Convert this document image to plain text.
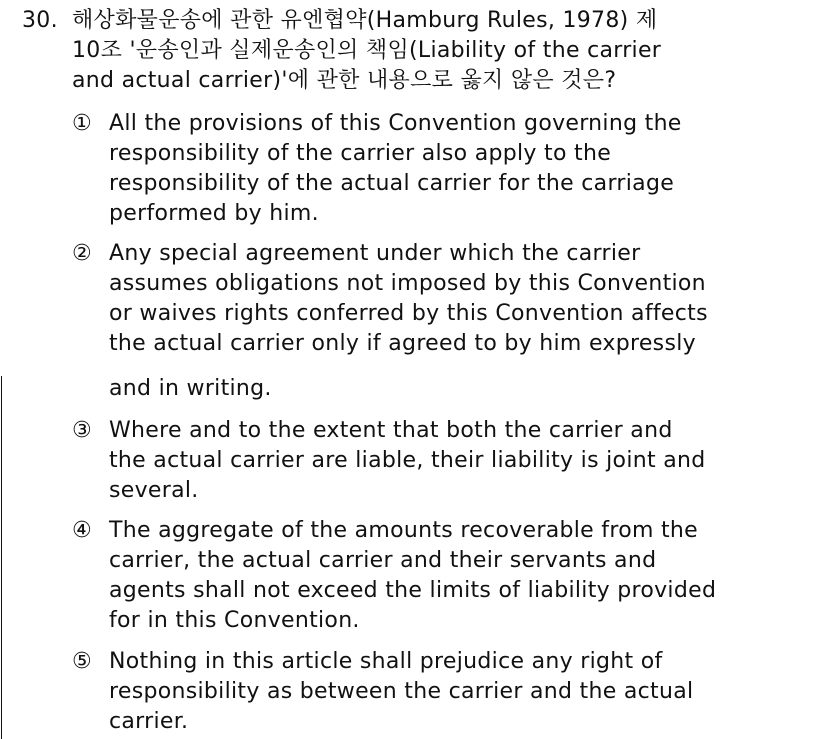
30. 해상화물운송에 관한 유엔협약(Hamburg Rules, 1978) 제
10조 '운송인과 실제운송인의 책임(Liability of the carrier
and actual carrier)'에 관한 내용으로 옳지 않은 것은?
① All the provisions of this Convention governing the
responsibility of the carrier also apply to the
responsibility of the actual carrier for the carriage
performed by him.
② Any special agreement under which the carrier
assumes obligations not imposed by this Convention
or waives rights conferred by this Convention affects
the actual carrier only if agreed to by him expressly
and in writing.
③ Where and to the extent that both the carrier and
the actual carrier are liable, their liability is joint and
several.
④ The aggregate of the amounts recoverable from the
carrier, the actual carrier and their servants and
agents shall not exceed the limits of liability provided
for in this Convention.
⑤ Nothing in this article shall prejudice any right of
responsibility as between the carrier and the actual
carrier.
